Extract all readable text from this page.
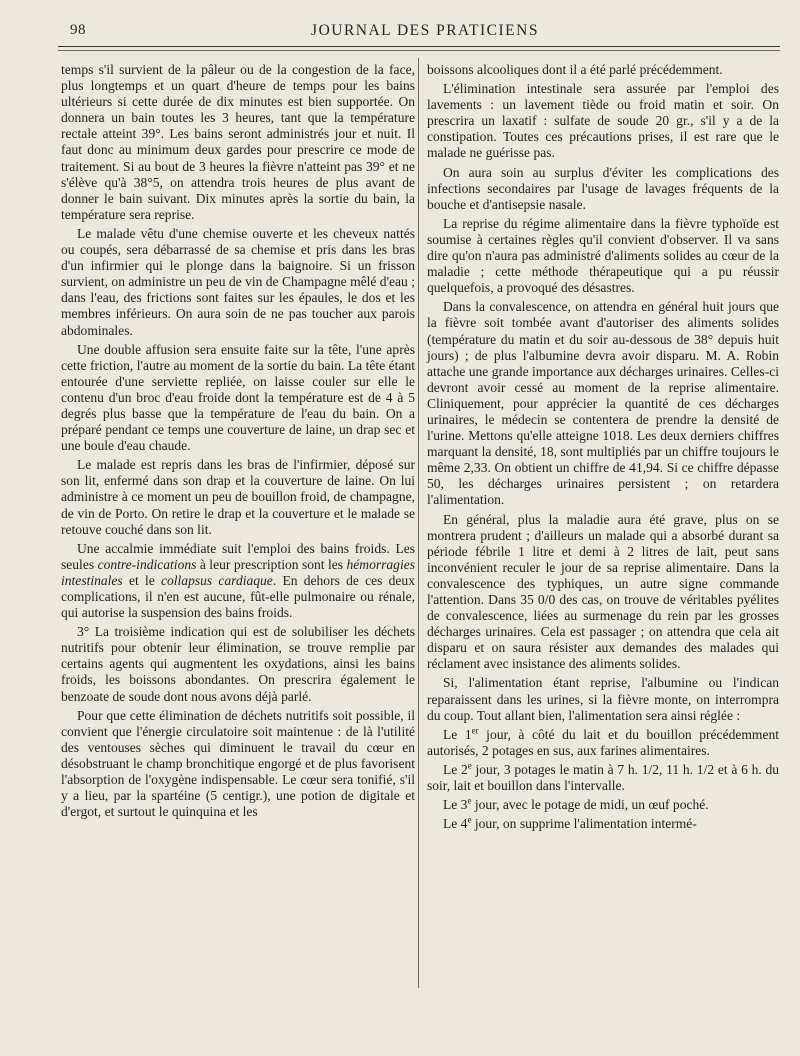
98	JOURNAL DES PRATICIENS

temps s'il survient de la pâleur ou de la congestion de la face, plus longtemps et un quart d'heure de temps pour les bains ultérieurs si cette durée de dix minutes est bien supportée. On donnera un bain toutes les 3 heures, tant que la température rectale atteint 39°. Les bains seront administrés jour et nuit. Il faut donc au minimum deux gardes pour prescrire ce mode de traitement. Si au bout de 3 heures la fièvre n'atteint pas 39° et ne s'élève qu'à 38°5, on attendra trois heures de plus avant de donner le bain suivant. Dix minutes après la sortie du bain, la température sera reprise.

Le malade vêtu d'une chemise ouverte et les cheveux nattés ou coupés, sera débarrassé de sa chemise et pris dans les bras d'un infirmier qui le plonge dans la baignoire. Si un frisson survient, on administre un peu de vin de Champagne mêlé d'eau ; dans l'eau, des frictions sont faites sur les épaules, le dos et les membres inférieurs. On aura soin de ne pas toucher aux parois abdominales.

Une double affusion sera ensuite faite sur la tête, l'une après cette friction, l'autre au moment de la sortie du bain. La tête étant entourée d'une serviette repliée, on laisse couler sur elle le contenu d'un broc d'eau froide dont la température est de 4 à 5 degrés plus basse que la température de l'eau du bain. On a préparé pendant ce temps une couverture de laine, un drap sec et une boule d'eau chaude.

Le malade est repris dans les bras de l'infirmier, déposé sur son lit, enfermé dans son drap et la couverture de laine. On lui administre à ce moment un peu de bouillon froid, de champagne, de vin de Porto. On retire le drap et la couverture et le malade se retouve couché dans son lit.

Une accalmie immédiate suit l'emploi des bains froids. Les seules contre-indications à leur prescription sont les hémorragies intestinales et le collapsus cardiaque. En dehors de ces deux complications, il n'en est aucune, fût-elle pulmonaire ou rénale, qui autorise la suspension des bains froids.

3° La troisième indication qui est de solubiliser les déchets nutritifs pour obtenir leur élimination, se trouve remplie par certains agents qui augmentent les oxydations, ainsi les bains froids, les boissons abondantes. On prescrira également le benzoate de soude dont nous avons déjà parlé.

Pour que cette élimination de déchets nutritifs soit possible, il convient que l'énergie circulatoire soit maintenue : de là l'utilité des ventouses sèches qui diminuent le travail du cœur en désobstruant le champ bronchitique engorgé et de plus favorisent l'absorption de l'oxygène indispensable. Le cœur sera tonifié, s'il y a lieu, par la spartéine (5 centigr.), une potion de digitale et d'ergot, et surtout le quinquina et les

boissons alcooliques dont il a été parlé précédemment.

L'élimination intestinale sera assurée par l'emploi des lavements : un lavement tiède ou froid matin et soir. On prescrira un laxatif : sulfate de soude 20 gr., s'il y a de la constipation. Toutes ces précautions prises, il est rare que le malade ne guérisse pas.

On aura soin au surplus d'éviter les complications des infections secondaires par l'usage de lavages fréquents de la bouche et d'antisepsie nasale.

La reprise du régime alimentaire dans la fièvre typhoïde est soumise à certaines règles qu'il convient d'observer. Il va sans dire qu'on n'aura pas administré d'aliments solides au cœur de la maladie ; cette méthode thérapeutique qui a pu réussir quelquefois, a provoqué des désastres.

Dans la convalescence, on attendra en général huit jours que la fièvre soit tombée avant d'autoriser des aliments solides (température du matin et du soir au-dessous de 38° depuis huit jours) ; de plus l'albumine devra avoir disparu. M. A. Robin attache une grande importance aux décharges urinaires. Celles-ci devront avoir cessé au moment de la reprise alimentaire. Cliniquement, pour apprécier la quantité de ces décharges urinaires, le médecin se contentera de prendre la densité de l'urine. Mettons qu'elle atteigne 1018. Les deux derniers chiffres marquant la densité, 18, sont multipliés par un chiffre toujours le même 2,33. On obtient un chiffre de 41,94. Si ce chiffre dépasse 50, les décharges urinaires persistent ; on retardera l'alimentation.

En général, plus la maladie aura été grave, plus on se montrera prudent ; d'ailleurs un malade qui a absorbé durant sa période fébrile 1 litre et demi à 2 litres de lait, peut sans inconvénient reculer le jour de sa reprise alimentaire. Dans la convalescence des typhiques, un autre signe commande l'attention. Dans 35 0/0 des cas, on trouve de véritables pyélites de convalescence, liées au surmenage du rein par les grosses décharges urinaires. Cela est passager ; on attendra que cela ait disparu et on saura résister aux demandes des malades qui réclament avec insistance des aliments solides.

Si, l'alimentation étant reprise, l'albumine ou l'indican reparaissent dans les urines, si la fièvre monte, on interrompra du coup. Tout allant bien, l'alimentation sera ainsi réglée :

Le 1er jour, à côté du lait et du bouillon précédemment autorisés, 2 potages en sus, aux farines alimentaires.

Le 2e jour, 3 potages le matin à 7 h. 1/2, 11 h. 1/2 et à 6 h. du soir, lait et bouillon dans l'intervalle.

Le 3e jour, avec le potage de midi, un œuf poché.

Le 4e jour, on supprime l'alimentation intermé-
